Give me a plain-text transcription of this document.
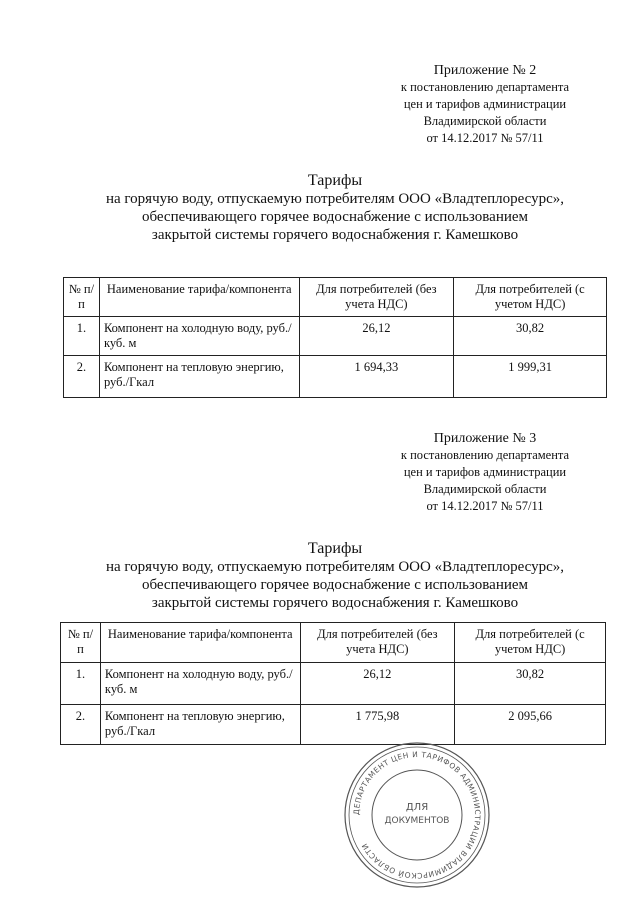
Приложение № 2
к постановлению департамента
цен и тарифов администрации
Владимирской области
от 14.12.2017 № 57/11
Тарифы
на горячую воду, отпускаемую потребителям ООО «Владтеплоресурс»,
обеспечивающего горячее водоснабжение с использованием
закрытой системы горячего водоснабжения г. Камешково
№ п/п	Наименование тарифа/компонента	Для потребителей (без учета НДС)	Для потребителей (с учетом НДС)
1.	Компонент на холодную воду, руб./куб. м	26,12	30,82
2.	Компонент на тепловую энергию, руб./Гкал	1 694,33	1 999,31
Приложение № 3
к постановлению департамента
цен и тарифов администрации
Владимирской области
от 14.12.2017 № 57/11
Тарифы
на горячую воду, отпускаемую потребителям ООО «Владтеплоресурс»,
обеспечивающего горячее водоснабжение с использованием
закрытой системы горячего водоснабжения г. Камешково
№ п/п	Наименование тарифа/компонента	Для потребителей (без учета НДС)	Для потребителей (с учетом НДС)
1.	Компонент на холодную воду, руб./куб. м	26,12	30,82
2.	Компонент на тепловую энергию, руб./Гкал	1 775,98	2 095,66
ДЕПАРТАМЕНТ ЦЕН И ТАРИФОВ АДМИНИСТРАЦИИ ВЛАДИМИРСКОЙ ОБЛАСТИ
ДЛЯ
ДОКУМЕНТОВ
